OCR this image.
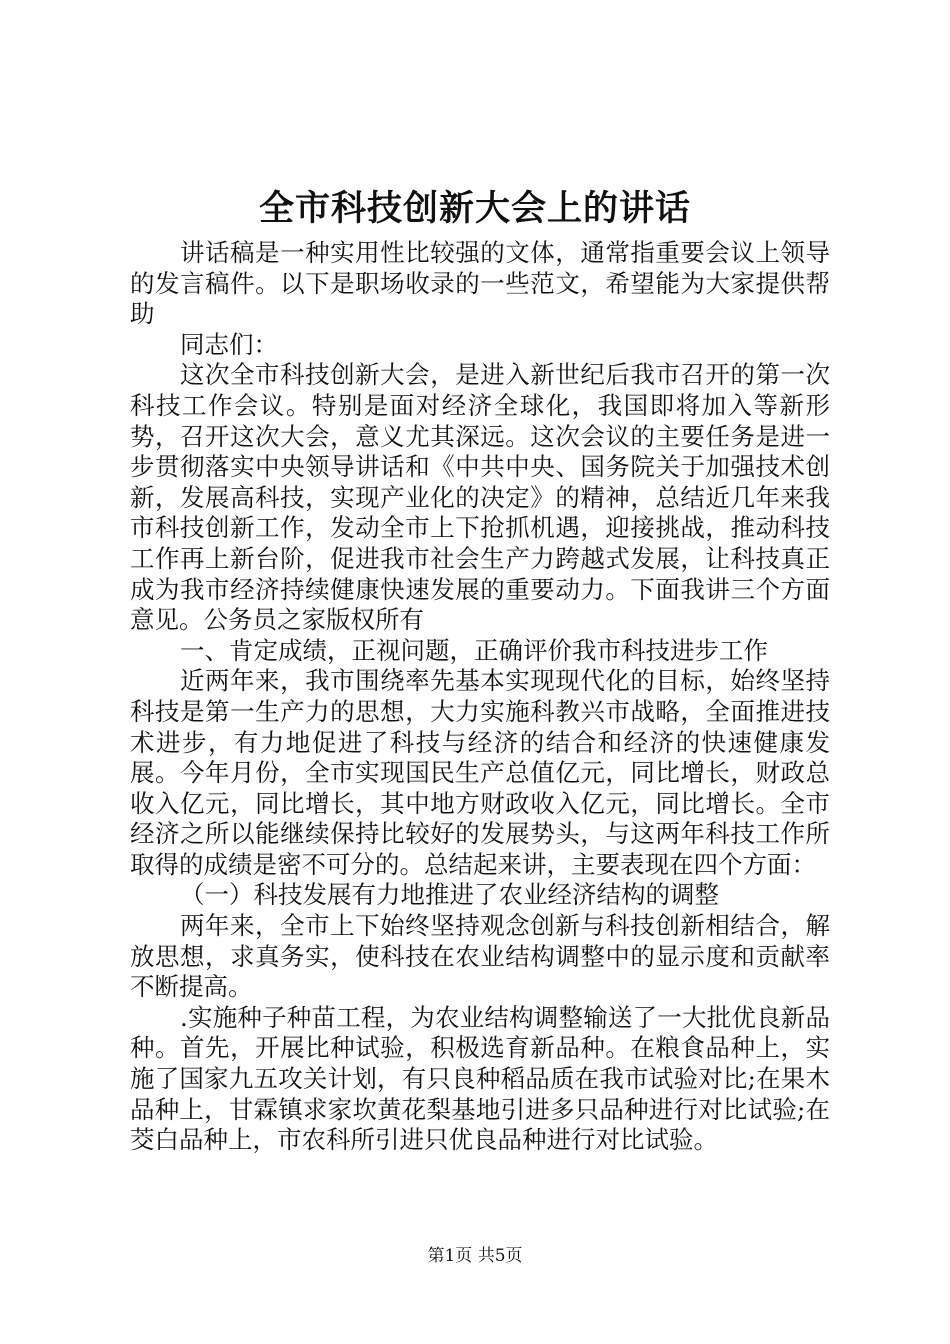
全市科技创新大会上的讲话

讲话稿是一种实用性比较强的文体，通常指重要会议上领导的发言稿件。以下是职场收录的一些范文，希望能为大家提供帮助

同志们：

这次全市科技创新大会，是进入新世纪后我市召开的第一次科技工作会议。特别是面对经济全球化，我国即将加入等新形势，召开这次大会，意义尤其深远。这次会议的主要任务是进一步贯彻落实中央领导讲话和《中共中央、国务院关于加强技术创新，发展高科技，实现产业化的决定》的精神，总结近几年来我市科技创新工作，发动全市上下抢抓机遇，迎接挑战，推动科技工作再上新台阶，促进我市社会生产力跨越式发展，让科技真正成为我市经济持续健康快速发展的重要动力。下面我讲三个方面意见。公务员之家版权所有

一、肯定成绩，正视问题，正确评价我市科技进步工作

近两年来，我市围绕率先基本实现现代化的目标，始终坚持科技是第一生产力的思想，大力实施科教兴市战略，全面推进技术进步，有力地促进了科技与经济的结合和经济的快速健康发展。今年月份，全市实现国民生产总值亿元，同比增长，财政总收入亿元，同比增长，其中地方财政收入亿元，同比增长。全市经济之所以能继续保持比较好的发展势头，与这两年科技工作所取得的成绩是密不可分的。总结起来讲，主要表现在四个方面：

（一）科技发展有力地推进了农业经济结构的调整

两年来，全市上下始终坚持观念创新与科技创新相结合，解放思想，求真务实，使科技在农业结构调整中的显示度和贡献率不断提高。

.实施种子种苗工程，为农业结构调整输送了一大批优良新品种。首先，开展比种试验，积极选育新品种。在粮食品种上，实施了国家九五攻关计划，有只良种稻品质在我市试验对比;在果木品种上，甘霖镇求家坎黄花梨基地引进多只品种进行对比试验;在茭白品种上，市农科所引进只优良品种进行对比试验。

第1页 共5页
